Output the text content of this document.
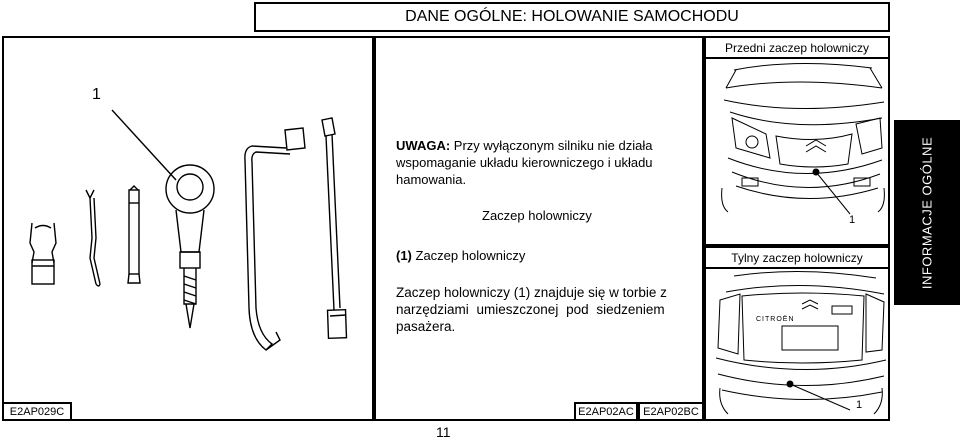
DANE OGÓLNE: HOLOWANIE SAMOCHODU
1
UWAGA: Przy wyłączonym silniku nie działa
wspomaganie układu kierowniczego i układu
hamowania.
Zaczep holowniczy
(1) Zaczep holowniczy
Zaczep holowniczy (1) znajduje się w torbie z
narzędziami umieszczonej pod siedzeniem
pasażera.
Przedni zaczep holowniczy
1
Tylny zaczep holowniczy
CITROËN
1
E2AP029C	E2AP02AC E2AP02BC
INFORMACJE OGÓLNE
11
